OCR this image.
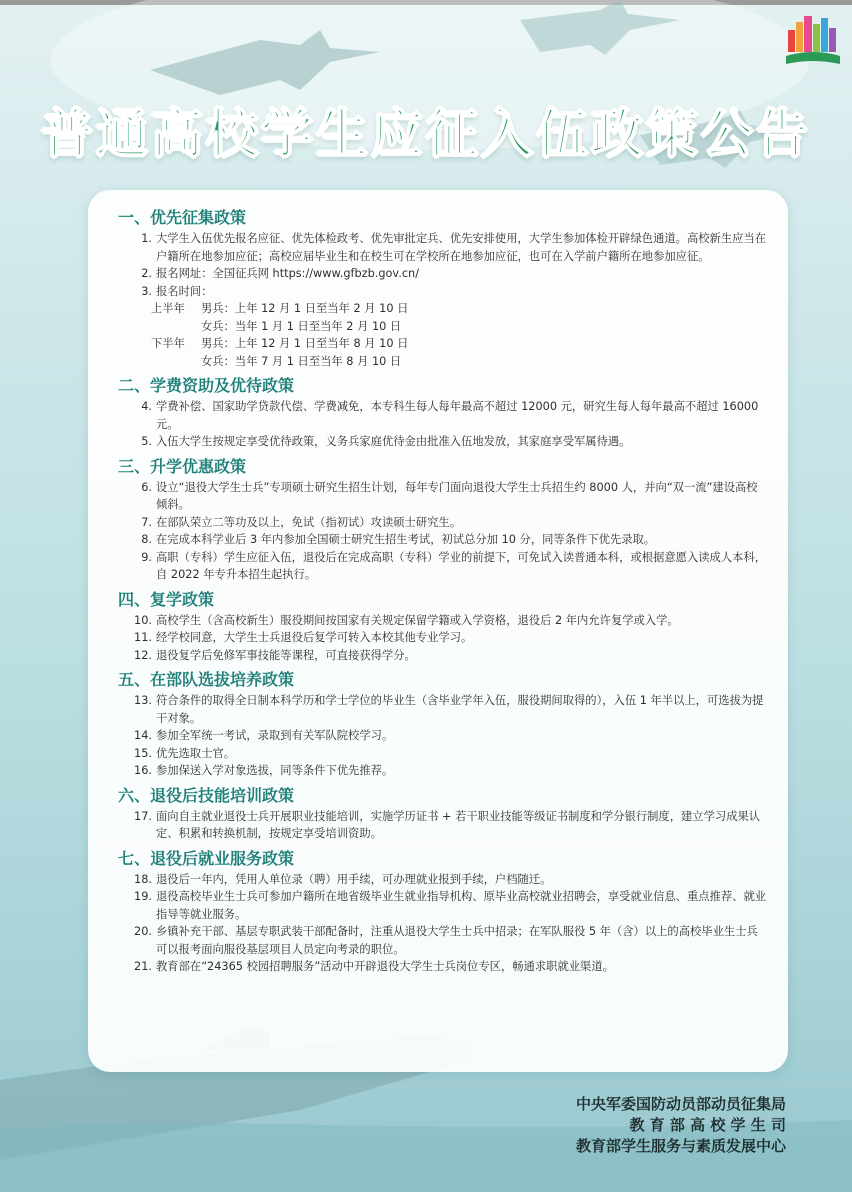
普通高校学生应征入伍政策公告
一、优先征集政策
1. 大学生入伍优先报名应征、优先体检政考、优先审批定兵、优先安排使用，大学生参加体检开辟绿色通道。高校新生应当在户籍所在地参加应征；高校应届毕业生和在校生可在学校所在地参加应征，也可在入学前户籍所在地参加应征。
2. 报名网址：全国征兵网 https://www.gfbzb.gov.cn/
3. 报名时间：
上半年	男兵：上年 12 月 1 日至当年 2 月 10 日
女兵：当年 1 月 1 日至当年 2 月 10 日
下半年	男兵：上年 12 月 1 日至当年 8 月 10 日
女兵：当年 7 月 1 日至当年 8 月 10 日
二、学费资助及优待政策
4. 学费补偿、国家助学贷款代偿、学费减免，本专科生每人每年最高不超过 12000 元，研究生每人每年最高不超过 16000 元。
5. 入伍大学生按规定享受优待政策，义务兵家庭优待金由批准入伍地发放，其家庭享受军属待遇。
三、升学优惠政策
6. 设立“退役大学生士兵”专项硕士研究生招生计划，每年专门面向退役大学生士兵招生约 8000 人，并向“双一流”建设高校倾斜。
7. 在部队荣立二等功及以上，免试（指初试）攻读硕士研究生。
8. 在完成本科学业后 3 年内参加全国硕士研究生招生考试，初试总分加 10 分，同等条件下优先录取。
9. 高职（专科）学生应征入伍，退役后在完成高职（专科）学业的前提下，可免试入读普通本科，或根据意愿入读成人本科，自 2022 年专升本招生起执行。
四、复学政策
10. 高校学生（含高校新生）服役期间按国家有关规定保留学籍或入学资格，退役后 2 年内允许复学或入学。
11. 经学校同意，大学生士兵退役后复学可转入本校其他专业学习。
12. 退役复学后免修军事技能等课程，可直接获得学分。
五、在部队选拔培养政策
13. 符合条件的取得全日制本科学历和学士学位的毕业生（含毕业学年入伍，服役期间取得的），入伍 1 年半以上，可选拔为提干对象。
14. 参加全军统一考试，录取到有关军队院校学习。
15. 优先选取士官。
16. 参加保送入学对象选拔，同等条件下优先推荐。
六、退役后技能培训政策
17. 面向自主就业退役士兵开展职业技能培训，实施学历证书 + 若干职业技能等级证书制度和学分银行制度，建立学习成果认定、积累和转换机制，按规定享受培训资助。
七、退役后就业服务政策
18. 退役后一年内，凭用人单位录（聘）用手续，可办理就业报到手续，户档随迁。
19. 退役高校毕业生士兵可参加户籍所在地省级毕业生就业指导机构、原毕业高校就业招聘会，享受就业信息、重点推荐、就业指导等就业服务。
20. 乡镇补充干部、基层专职武装干部配备时，注重从退役大学生士兵中招录；在军队服役 5 年（含）以上的高校毕业生士兵可以报考面向服役基层项目人员定向考录的职位。
21. 教育部在“24365 校园招聘服务”活动中开辟退役大学生士兵岗位专区，畅通求职就业渠道。
中央军委国防动员部动员征集局
教 育 部 高 校 学 生 司
教育部学生服务与素质发展中心
